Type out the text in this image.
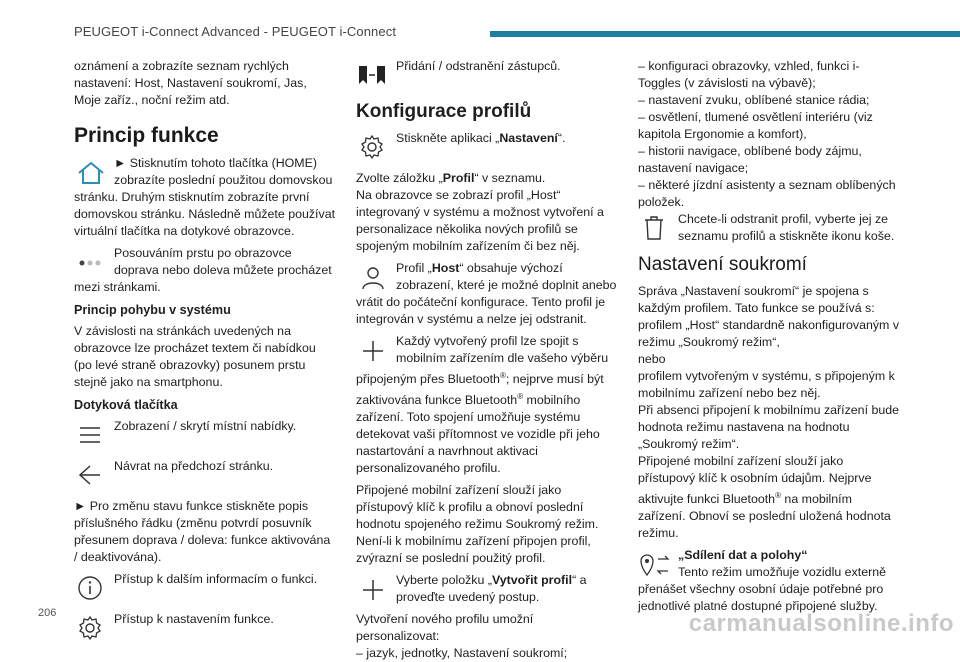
PEUGEOT i-Connect Advanced - PEUGEOT i-Connect

oznámení a zobrazíte seznam rychlých nastavení: Host, Nastavení soukromí, Jas, Moje zaříz., noční režim atd.

Princip funkce
► Stisknutím tohoto tlačítka (HOME) zobrazíte poslední použitou domovskou stránku. Druhým stisknutím zobrazíte první domovskou stránku. Následně můžete používat virtuální tlačítka na dotykové obrazovce.
Posouváním prstu po obrazovce doprava nebo doleva můžete procházet mezi stránkami.
Princip pohybu v systému

V závislosti na stránkách uvedených na obrazovce lze procházet textem či nabídkou (po levé straně obrazovky) posunem prstu stejně jako na smartphonu.

Dotyková tlačítka
Zobrazení / skrytí místní nabídky.
Návrat na předchozí stránku.

► Pro změnu stavu funkce stiskněte popis příslušného řádku (změnu potvrdí posuvník přesunem doprava / doleva: funkce aktivována / deaktivována).

Přístup k dalším informacím o funkci.
Přístup k nastavením funkce.
Přidání / odstranění zástupců.
Konfigurace profilů
Stiskněte aplikaci „Nastavení“.

Zvolte záložku „Profil“ v seznamu.

Na obrazovce se zobrazí profil „Host“ integrovaný v systému a možnost vytvoření a personalizace několika nových profilů se spojeným mobilním zařízením či bez něj.

Profil „Host“ obsahuje výchozí zobrazení, které je možné doplnit anebo vrátit do počáteční konfigurace. Tento profil je integrován v systému a nelze jej odstranit.
Každý vytvořený profil lze spojit s mobilním zařízením dle vašeho výběru připojeným přes Bluetooth®; nejprve musí být zaktivována funkce Bluetooth® mobilního zařízení. Toto spojení umožňuje systému detekovat vaši přítomnost ve vozidle při jeho nastartování a navrhnout aktivaci personalizovaného profilu.

Připojené mobilní zařízení slouží jako přístupový klíč k profilu a obnoví poslední hodnotu spojeného režimu Soukromý režim.

Není-li k mobilnímu zařízení připojen profil, zvýrazní se poslední použitý profil.

Vyberte položku „Vytvořit profil“ a proveďte uvedený postup.

Vytvoření nového profilu umožní personalizovat:

– jazyk, jednotky, Nastavení soukromí;

– konfiguraci obrazovky, vzhled, funkci i-Toggles (v závislosti na výbavě);

– nastavení zvuku, oblíbené stanice rádia;

– osvětlení, tlumené osvětlení interiéru (viz kapitola Ergonomie a komfort),

– historii navigace, oblíbené body zájmu, nastavení navigace;

– některé jízdní asistenty a seznam oblíbených položek.

Chcete-li odstranit profil, vyberte jej ze seznamu profilů a stiskněte ikonu koše.
Nastavení soukromí

Správa „Nastavení soukromí“ je spojena s každým profilem. Tato funkce se používá s:

profilem „Host“ standardně nakonfigurovaným v režimu „Soukromý režim“,

nebo

profilem vytvořeným v systému, s připojeným k mobilnímu zařízení nebo bez něj.

Při absenci připojení k mobilnímu zařízení bude hodnota režimu nastavena na hodnotu „Soukromý režim“.

Připojené mobilní zařízení slouží jako přístupový klíč k osobním údajům. Nejprve aktivujte funkci Bluetooth® na mobilním zařízení. Obnoví se poslední uložená hodnota režimu.

„Sdílení dat a polohy“
Tento režim umožňuje vozidlu externě přenášet všechny osobní údaje potřebné pro jednotlivé platné dostupné připojené služby.
206	carmanualsonline.info
